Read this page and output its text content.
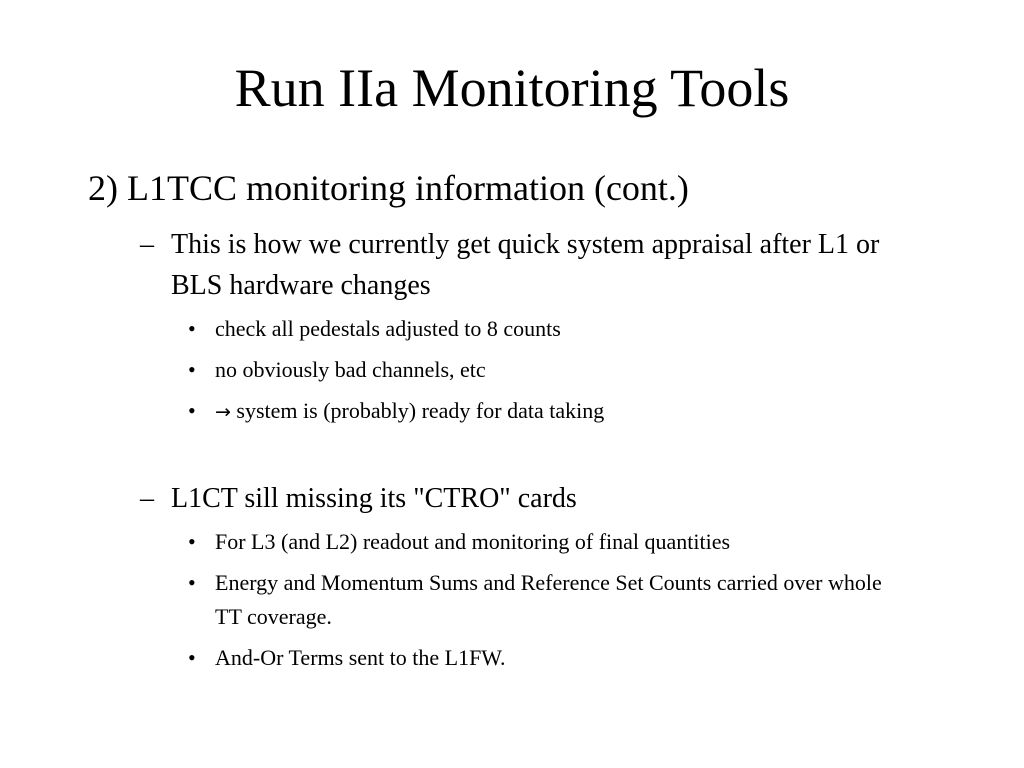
Run IIa Monitoring Tools
2) L1TCC monitoring information (cont.)
– This is how we currently get quick system appraisal after L1 or BLS hardware changes
• check all pedestals adjusted to 8 counts
• no obviously bad channels, etc
• → system is (probably) ready for data taking
– L1CT sill missing its "CTRO" cards
• For L3 (and L2) readout and monitoring of final quantities
• Energy and Momentum Sums and Reference Set Counts carried over whole TT coverage.
• And-Or Terms sent to the L1FW.
